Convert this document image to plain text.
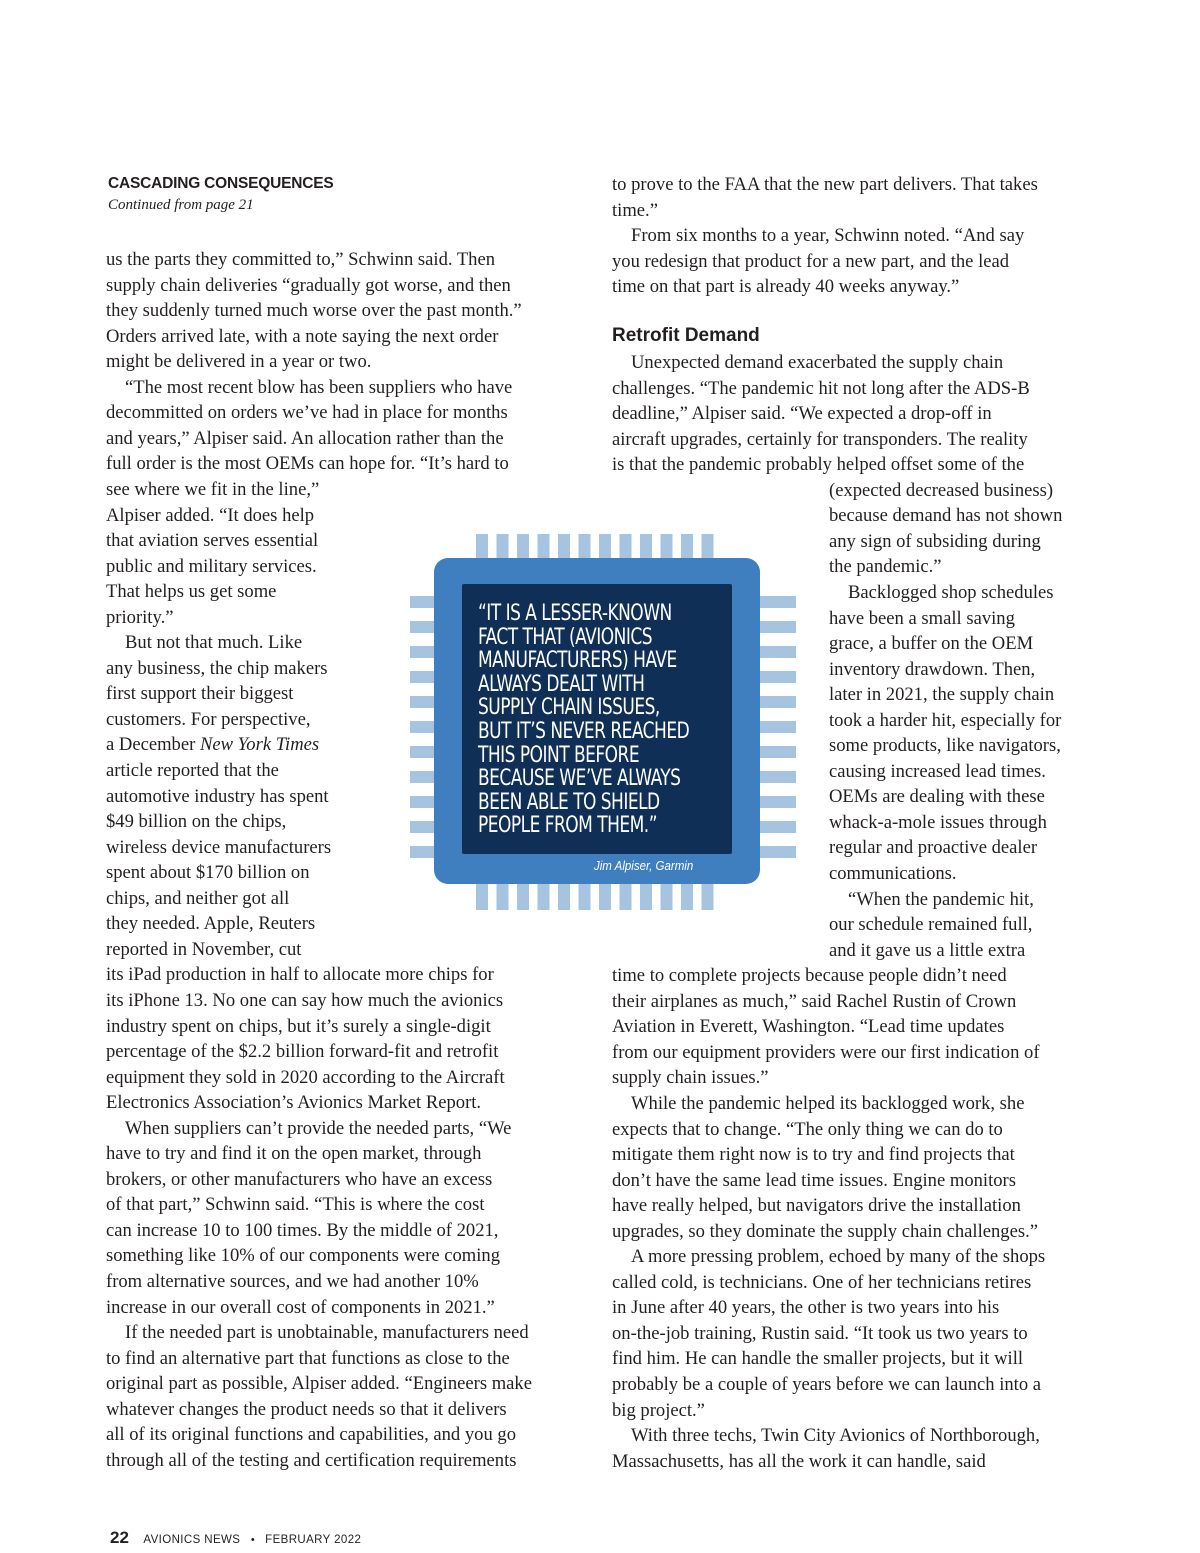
CASCADING CONSEQUENCES
Continued from page 21
us the parts they committed to,” Schwinn said. Then
supply chain deliveries “gradually got worse, and then
they suddenly turned much worse over the past month.”
Orders arrived late, with a note saying the next order
might be delivered in a year or two.
“The most recent blow has been suppliers who have
decommitted on orders we’ve had in place for months
and years,” Alpiser said. An allocation rather than the
full order is the most OEMs can hope for. “It’s hard to
see where we fit in the line,”
Alpiser added. “It does help
that aviation serves essential
public and military services.
That helps us get some
priority.”
But not that much. Like
any business, the chip makers
first support their biggest
customers. For perspective,
a December New York Times
article reported that the
automotive industry has spent
$49 billion on the chips,
wireless device manufacturers
spent about $170 billion on
chips, and neither got all
they needed. Apple, Reuters
reported in November, cut
its iPad production in half to allocate more chips for
its iPhone 13. No one can say how much the avionics
industry spent on chips, but it’s surely a single-digit
percentage of the $2.2 billion forward-fit and retrofit
equipment they sold in 2020 according to the Aircraft
Electronics Association’s Avionics Market Report.
When suppliers can’t provide the needed parts, “We
have to try and find it on the open market, through
brokers, or other manufacturers who have an excess
of that part,” Schwinn said. “This is where the cost
can increase 10 to 100 times. By the middle of 2021,
something like 10% of our components were coming
from alternative sources, and we had another 10%
increase in our overall cost of components in 2021.”
If the needed part is unobtainable, manufacturers need
to find an alternative part that functions as close to the
original part as possible, Alpiser added. “Engineers make
whatever changes the product needs so that it delivers
all of its original functions and capabilities, and you go
through all of the testing and certification requirements
to prove to the FAA that the new part delivers. That takes
time.”
From six months to a year, Schwinn noted. “And say
you redesign that product for a new part, and the lead
time on that part is already 40 weeks anyway.”
Retrofit Demand
Unexpected demand exacerbated the supply chain
challenges. “The pandemic hit not long after the ADS-B
deadline,” Alpiser said. “We expected a drop-off in
aircraft upgrades, certainly for transponders. The reality
is that the pandemic probably helped offset some of the
(expected decreased business)
because demand has not shown
any sign of subsiding during
the pandemic.”
Backlogged shop schedules
have been a small saving
grace, a buffer on the OEM
inventory drawdown. Then,
later in 2021, the supply chain
took a harder hit, especially for
some products, like navigators,
causing increased lead times.
OEMs are dealing with these
whack-a-mole issues through
regular and proactive dealer
communications.
“When the pandemic hit,
our schedule remained full,
and it gave us a little extra
time to complete projects because people didn’t need
their airplanes as much,” said Rachel Rustin of Crown
Aviation in Everett, Washington. “Lead time updates
from our equipment providers were our first indication of
supply chain issues.”
While the pandemic helped its backlogged work, she
expects that to change. “The only thing we can do to
mitigate them right now is to try and find projects that
don’t have the same lead time issues. Engine monitors
have really helped, but navigators drive the installation
upgrades, so they dominate the supply chain challenges.”
A more pressing problem, echoed by many of the shops
called cold, is technicians. One of her technicians retires
in June after 40 years, the other is two years into his
on-the-job training, Rustin said. “It took us two years to
find him. He can handle the smaller projects, but it will
probably be a couple of years before we can launch into a
big project.”
With three techs, Twin City Avionics of Northborough,
Massachusetts, has all the work it can handle, said
“IT IS A LESSER-KNOWN
FACT THAT (AVIONICS
MANUFACTURERS) HAVE
ALWAYS DEALT WITH
SUPPLY CHAIN ISSUES,
BUT IT’S NEVER REACHED
THIS POINT BEFORE
BECAUSE WE’VE ALWAYS
BEEN ABLE TO SHIELD
PEOPLE FROM THEM.”
Jim Alpiser, Garmin
22 AVIONICS NEWS • FEBRUARY 2022
